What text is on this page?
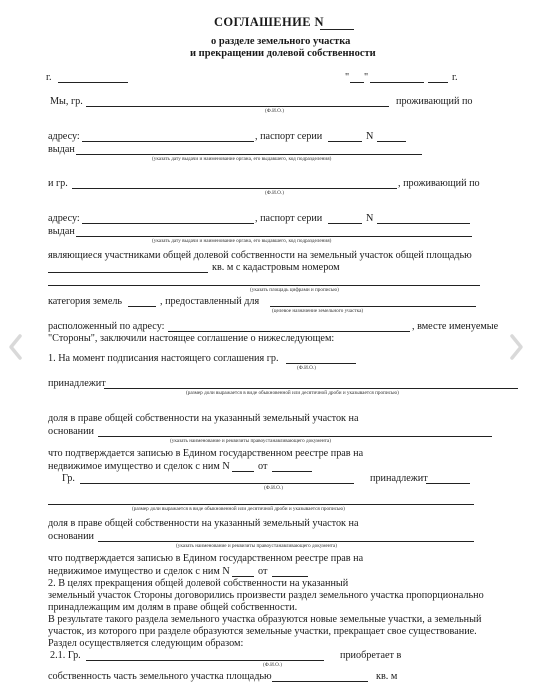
СОГЛАШЕНИЕ N
о разделе земельного участка
и прекращении долевой собственности
г.	" "	г.
Мы, гр.	проживающий по
(Ф.И.О.)
адресу:	, паспорт серии	N
выдан
(указать дату выдачи и наименование органа, его выдавшего, код подразделения)
и гр.	, проживающий по
(Ф.И.О.)
адресу:	, паспорт серии	N
выдан
(указать дату выдачи и наименование органа, его выдавшего, код подразделения)
являющиеся участниками общей долевой собственности на земельный участок общей площадью
кв. м с кадастровым номером
(указать площадь цифрами и прописью)
категория земель	, предоставленный для
(целевое назначение земельного участка)
расположенный по адресу:	, вместе именуемые
"Стороны", заключили настоящее соглашение о нижеследующем:
1. На момент подписания настоящего соглашения гр.
(Ф.И.О.)
принадлежит
(размер доли выражается в виде обыкновенной или десятичной дроби и указывается прописью)
доля в праве общей собственности на указанный земельный участок на
основании
(указать наименование и реквизиты правоустанавливающего документа)
что подтверждается записью в Едином государственном реестре прав на
недвижимое имущество и сделок с ним N	от
Гр.	принадлежит
(Ф.И.О.)
(размер доли выражается в виде обыкновенной или десятичной дроби и указывается прописью)
доля в праве общей собственности на указанный земельный участок на
основании
(указать наименование и реквизиты правоустанавливающего документа)
что подтверждается записью в Едином государственном реестре прав на
недвижимое имущество и сделок с ним N	от
2. В целях прекращения общей долевой собственности на указанный
земельный участок Стороны договорились произвести раздел земельного участка пропорционально
принадлежащим им долям в праве общей собственности.
В результате такого раздела земельного участка образуются новые земельные участки, а земельный
участок, из которого при разделе образуются земельные участки, прекращает свое существование.
Раздел осуществляется следующим образом:
2.1. Гр.	приобретает в
(Ф.И.О.)
собственность часть земельного участка площадью	кв. м
